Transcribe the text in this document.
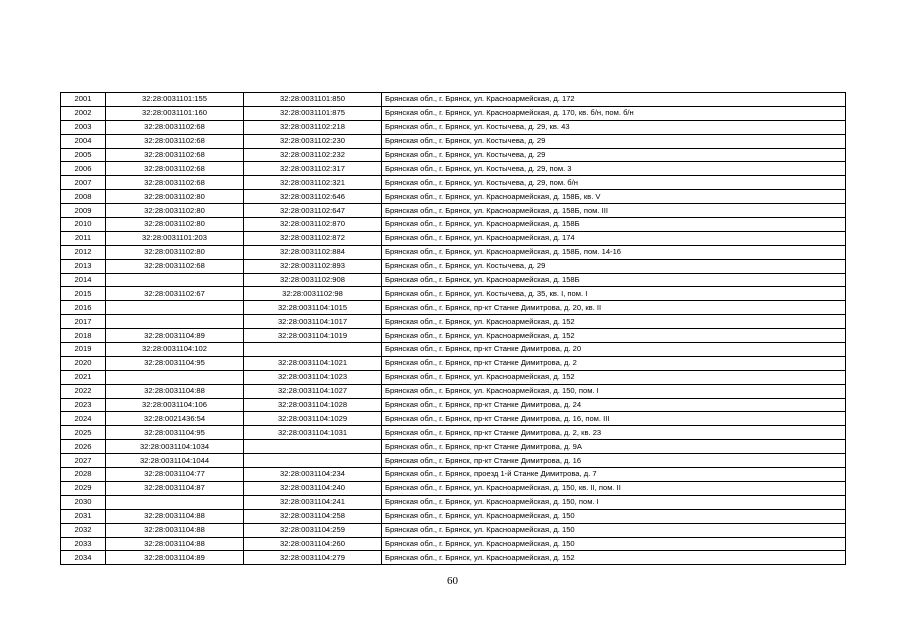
2001	32:28:0031101:155	32:28:0031101:850	Брянская обл., г. Брянск, ул. Красноармейская, д. 172
2002	32:28:0031101:160	32:28:0031101:875	Брянская обл., г. Брянск, ул. Красноармейская, д. 170, кв. б/н, пом. б/н
2003	32:28:0031102:68	32:28:0031102:218	Брянская обл., г. Брянск, ул. Костычева, д. 29, кв. 43
2004	32:28:0031102:68	32:28:0031102:230	Брянская обл., г. Брянск, ул. Костычева, д. 29
2005	32:28:0031102:68	32:28:0031102:232	Брянская обл., г. Брянск, ул. Костычева, д. 29
2006	32:28:0031102:68	32:28:0031102:317	Брянская обл., г. Брянск, ул. Костычева, д. 29, пом. 3
2007	32:28:0031102:68	32:28:0031102:321	Брянская обл., г. Брянск, ул. Костычева, д. 29, пом. б/н
2008	32:28:0031102:80	32:28:0031102:646	Брянская обл., г. Брянск, ул. Красноармейская, д. 158Б, кв. V
2009	32:28:0031102:80	32:28:0031102:647	Брянская обл., г. Брянск, ул. Красноармейская, д. 158Б, пом. III
2010	32:28:0031102:80	32:28:0031102:870	Брянская обл., г. Брянск, ул. Красноармейская, д. 158Б
2011	32:28:0031101:203	32:28:0031102:872	Брянская обл., г. Брянск, ул. Красноармейская, д. 174
2012	32:28:0031102:80	32:28:0031102:884	Брянская обл., г. Брянск, ул. Красноармейская, д. 158Б, пом. 14-16
2013	32:28:0031102:68	32:28:0031102:893	Брянская обл., г. Брянск, ул. Костычева, д. 29
2014		32:28:0031102:908	Брянская обл., г. Брянск, ул. Красноармейская, д. 158Б
2015	32:28:0031102:67	32:28:0031102:98	Брянская обл., г. Брянск, ул. Костычева, д. 35, кв. I, пом. I
2016		32:28:0031104:1015	Брянская обл., г. Брянск, пр-кт Станке Димитрова, д. 20, кв. II
2017		32:28:0031104:1017	Брянская обл., г. Брянск, ул. Красноармейская, д. 152
2018	32:28:0031104:89	32:28:0031104:1019	Брянская обл., г. Брянск, ул. Красноармейская, д. 152
2019	32:28:0031104:102		Брянская обл., г. Брянск, пр-кт Станке Димитрова, д. 20
2020	32:28:0031104:95	32:28:0031104:1021	Брянская обл., г. Брянск, пр-кт Станке Димитрова, д. 2
2021		32:28:0031104:1023	Брянская обл., г. Брянск, ул. Красноармейская, д. 152
2022	32:28:0031104:88	32:28:0031104:1027	Брянская обл., г. Брянск, ул. Красноармейская, д. 150, пом. I
2023	32:28:0031104:106	32:28:0031104:1028	Брянская обл., г. Брянск, пр-кт Станке Димитрова, д. 24
2024	32:28:0021436:54	32:28:0031104:1029	Брянская обл., г. Брянск, пр-кт Станке Димитрова, д. 16, пом. III
2025	32:28:0031104:95	32:28:0031104:1031	Брянская обл., г. Брянск, пр-кт Станке Димитрова, д. 2, кв. 23
2026	32:28:0031104:1034		Брянская обл., г. Брянск, пр-кт Станке Димитрова, д. 9А
2027	32:28:0031104:1044		Брянская обл., г. Брянск, пр-кт Станке Димитрова, д. 16
2028	32:28:0031104:77	32:28:0031104:234	Брянская обл., г. Брянск, проезд 1-й Станке Димитрова, д. 7
2029	32:28:0031104:87	32:28:0031104:240	Брянская обл., г. Брянск, ул. Красноармейская, д. 150, кв. II, пом. II
2030		32:28:0031104:241	Брянская обл., г. Брянск, ул. Красноармейская, д. 150, пом. I
2031	32:28:0031104:88	32:28:0031104:258	Брянская обл., г. Брянск, ул. Красноармейская, д. 150
2032	32:28:0031104:88	32:28:0031104:259	Брянская обл., г. Брянск, ул. Красноармейская, д. 150
2033	32:28:0031104:88	32:28:0031104:260	Брянская обл., г. Брянск, ул. Красноармейская, д. 150
2034	32:28:0031104:89	32:28:0031104:279	Брянская обл., г. Брянск, ул. Красноармейская, д. 152
60
